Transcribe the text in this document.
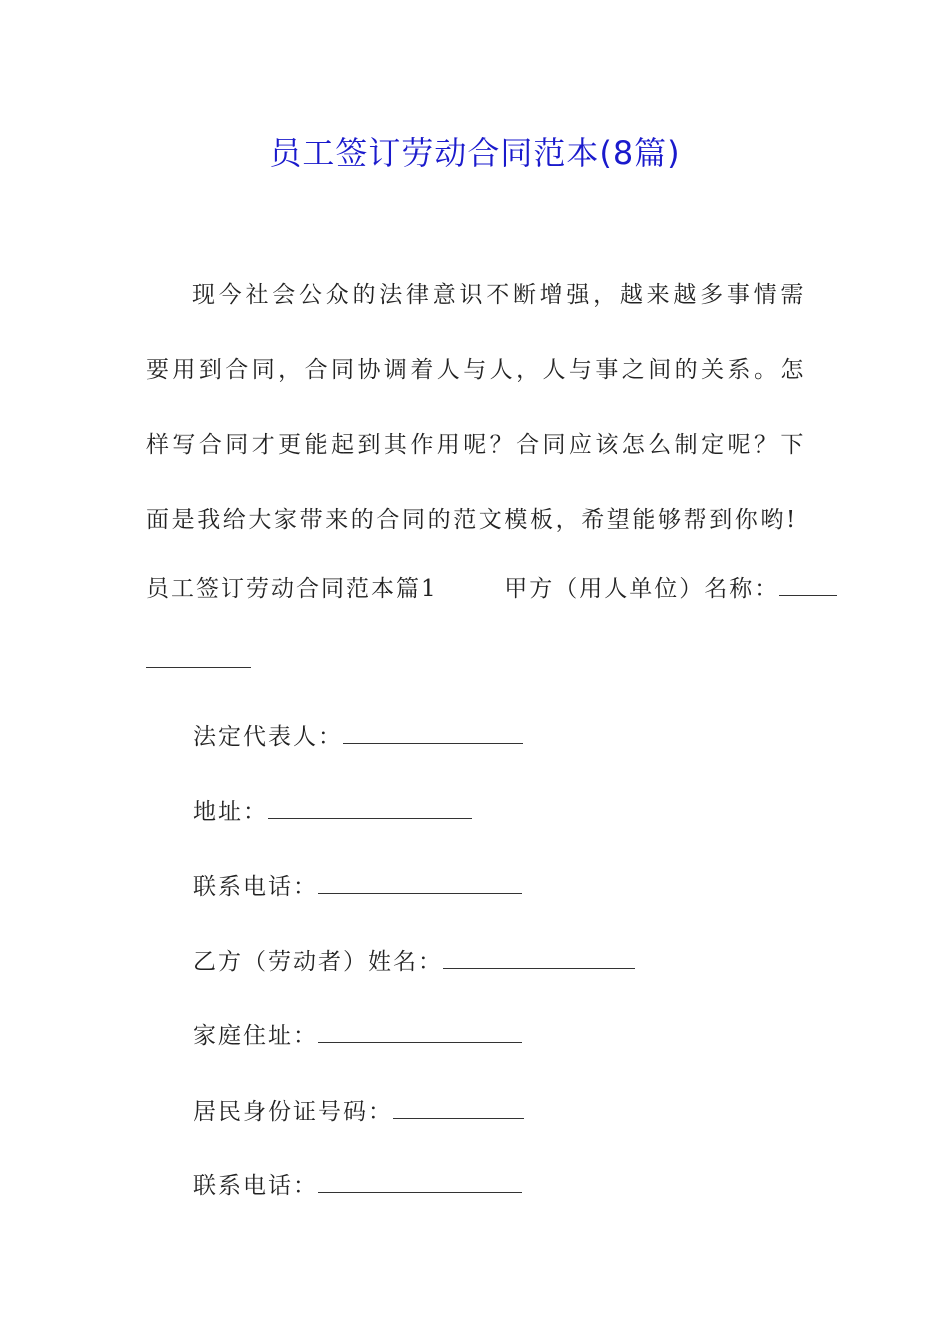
员工签订劳动合同范本(8篇)

现今社会公众的法律意识不断增强，越来越多事情需要用到合同，合同协调着人与人，人与事之间的关系。怎样写合同才更能起到其作用呢？合同应该怎么制定呢？下面是我给大家带来的合同的范文模板，希望能够帮到你哟!

员工签订劳动合同范本篇1	甲方（用人单位）名称：
法定代表人：
地址：
联系电话：
乙方（劳动者）姓名：
家庭住址：
居民身份证号码：
联系电话：
